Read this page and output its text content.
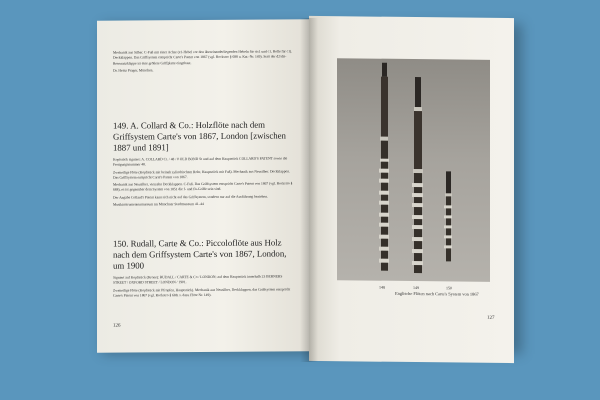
Mechanik aus Silber. C-Fuß mit einer Achse (e1-Hebel vor den übereinanderliegenden Hebeln für cis1 und c1, Rolle für c1). Deckklappen. Das Griffsystem entspricht Carte's Patent von 1867 (vgl. Rockstro § 688 u. Kat.-Nr. 149). Statt der d2/dis-Resonanzklappe ist eine größere Griffplatte eingebaut.

Dr. Heinz Prager, München.

149. A. Collard & Co.: Holzflöte nach dem Griffsystem Carte's von 1867, London [zwischen 1887 und 1891]

Kopfstück signiert: A. COLLARD Ct. / 48 / 0 OLD BOND St und auf dem Hauptstück COLLARD'S PATENT sowie die Fertigungsnummer 48.

Zweiteilige Flöte (Kopfstück mit beinah zylindrischem Rohr, Hauptstück mit Fuß). Mechanik aus Neusilber. Deckklappen. Das Griffsystem entspricht Carte's Patent von 1867.

Mechanik aus Neusilber, vierzehn Deckklappen. C-Fuß. Das Griffsystem entspricht Carte's Patent von 1867 (vgl. Rockstro § 688), es ist gegenüber dem System von 1851 die f- und fis-Griffe sein sind.

Der Angabe Collard's Patent kann sich nicht auf das Griffsystem, sondern nur auf die Ausführung beziehen.

Musikinstrumentenmuseum im Münchner Stadtmuseum 41–44

150. Rudall, Carte & Co.: Piccoloflöte aus Holz nach dem Griffsystem Carte's von 1867, London, um 1900

Signiert auf Kopfstück (Krone): RUDALL / CARTE & Co / LONDON; auf dem Hauptstück innerhalb 23 BERNERS STREET / OXFORD STREET / LONDON / 1901.

Zweiteilige Flöte (Kopfstück mit Pfropfen, Hauptstück). Mechanik aus Neusilber, Deckklappen, das Griffsystem entspricht Carte's Patent von 1867 (vgl. Rockstro § 688, s. dazu Flöte Nr. 149).

126
148	149	150
Englische Flöten nach Carte's System von 1867
127
